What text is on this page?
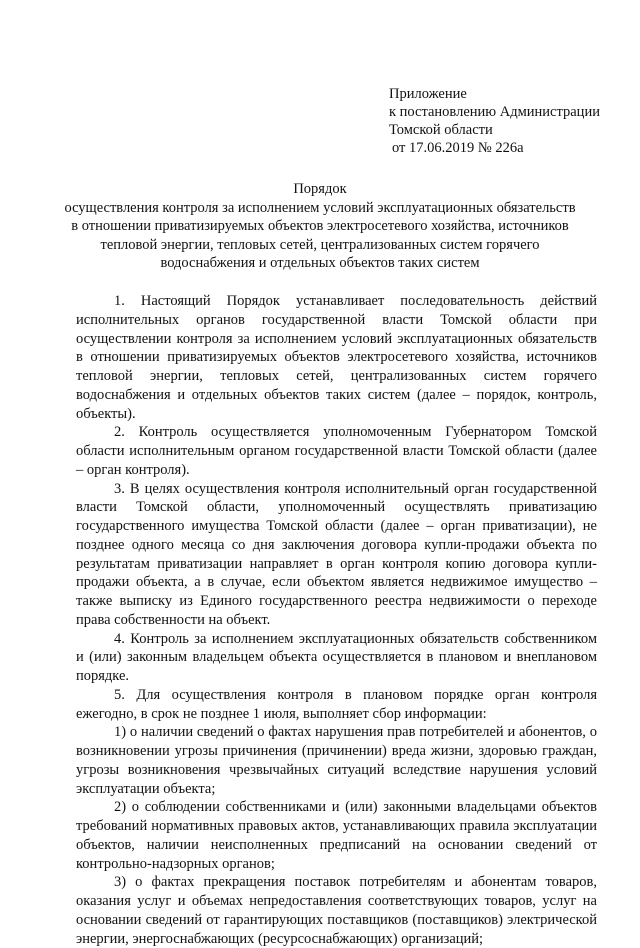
Приложение
к постановлению Администрации
Томской области
от 17.06.2019 № 226а
Порядок
осуществления контроля за исполнением условий эксплуатационных обязательств в отношении приватизируемых объектов электросетевого хозяйства, источников тепловой энергии, тепловых сетей, централизованных систем горячего водоснабжения и отдельных объектов таких систем

1. Настоящий Порядок устанавливает последовательность действий исполнительных органов государственной власти Томской области при осуществлении контроля за исполнением условий эксплуатационных обязательств в отношении приватизируемых объектов электросетевого хозяйства, источников тепловой энергии, тепловых сетей, централизованных систем горячего водоснабжения и отдельных объектов таких систем (далее – порядок, контроль, объекты).

2. Контроль осуществляется уполномоченным Губернатором Томской области исполнительным органом государственной власти Томской области (далее – орган контроля).

3. В целях осуществления контроля исполнительный орган государственной власти Томской области, уполномоченный осуществлять приватизацию государственного имущества Томской области (далее – орган приватизации), не позднее одного месяца со дня заключения договора купли-продажи объекта по результатам приватизации направляет в орган контроля копию договора купли-продажи объекта, а в случае, если объектом является недвижимое имущество – также выписку из Единого государственного реестра недвижимости о переходе права собственности на объект.

4. Контроль за исполнением эксплуатационных обязательств собственником и (или) законным владельцем объекта осуществляется в плановом и внеплановом порядке.

5. Для осуществления контроля в плановом порядке орган контроля ежегодно, в срок не позднее 1 июля, выполняет сбор информации:

1) о наличии сведений о фактах нарушения прав потребителей и абонентов, о возникновении угрозы причинения (причинении) вреда жизни, здоровью граждан, угрозы возникновения чрезвычайных ситуаций вследствие нарушения условий эксплуатации объекта;

2) о соблюдении собственниками и (или) законными владельцами объектов требований нормативных правовых актов, устанавливающих правила эксплуатации объектов, наличии неисполненных предписаний на основании сведений от контрольно-надзорных органов;

3) о фактах прекращения поставок потребителям и абонентам товаров, оказания услуг и объемах непредоставления соответствующих товаров, услуг на основании сведений от гарантирующих поставщиков (поставщиков) электрической энергии, энергоснабжающих (ресурсоснабжающих) организаций;
